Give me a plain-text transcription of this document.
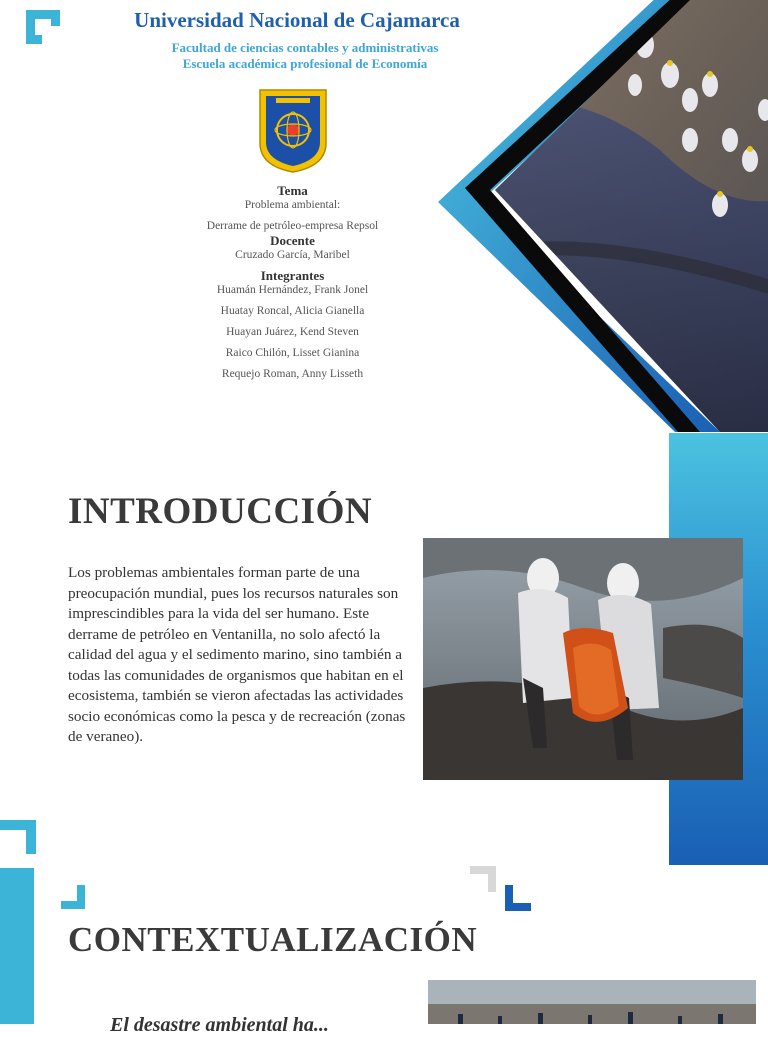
Universidad Nacional de Cajamarca
Facultad de ciencias contables y administrativas
Escuela académica profesional de Economía
Tema
Problema ambiental:
Derrame de petróleo-empresa Repsol
Docente
Cruzado García, Maribel
Integrantes
Huamán Hernández, Frank Jonel
Huatay Roncal, Alicia Gianella
Huayan Juárez, Kend Steven
Raico Chilón, Lisset Gianina
Requejo Roman, Anny Lisseth
INTRODUCCIÓN
Los problemas ambientales forman parte de una preocupación mundial, pues los recursos naturales son imprescindibles para la vida del ser humano. Este derrame de petróleo en Ventanilla, no solo afectó la calidad del agua y el sedimento marino, sino también a todas las comunidades de organismos que habitan en el ecosistema, también se vieron afectadas las actividades socio económicas como la pesca y de recreación (zonas de veraneo).
CONTEXTUALIZACIÓN
El desastre ambiental ha...
